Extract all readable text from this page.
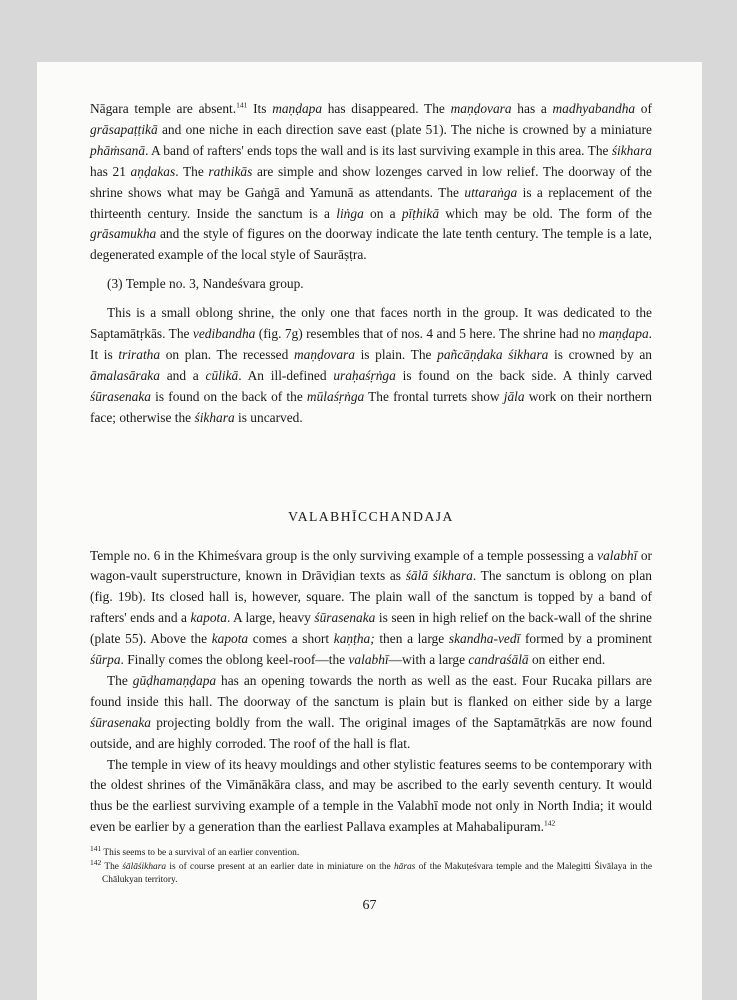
Nāgara temple are absent.$^{141}$ Its maṇḍapa has disappeared. The maṇḍovara has a madhyabandha of grāsapaṭṭikā and one niche in each direction save east (plate 51). The niche is crowned by a miniature phāṁsanā. A band of rafters' ends tops the wall and is its last surviving example in this area. The śikhara has 21 aṇḍakas. The rathikās are simple and show lozenges carved in low relief. The doorway of the shrine shows what may be Gaṅgā and Yamunā as attendants. The uttaraṅga is a replacement of the thirteenth century. Inside the sanctum is a liṅga on a pīṭhikā which may be old. The form of the grāsamukha and the style of figures on the doorway indicate the late tenth century. The temple is a late, degenerated example of the local style of Saurāṣṭra.

(3) Temple no. 3, Nandeśvara group.

This is a small oblong shrine, the only one that faces north in the group. It was dedicated to the Saptamātṛkās. The vedibandha (fig. 7g) resembles that of nos. 4 and 5 here. The shrine had no maṇḍapa. It is triratha on plan. The recessed maṇḍovara is plain. The pañcāṇḍaka śikhara is crowned by an āmalasāraka and a cūlikā. An ill-defined uraḥaśṛṅga is found on the back side. A thinly carved śūrasenaka is found on the back of the mūlaśṛṅga The frontal turrets show jāla work on their northern face; otherwise the śikhara is uncarved.

VALABHĪCCHANDAJA

Temple no. 6 in the Khimeśvara group is the only surviving example of a temple possessing a valabhī or wagon-vault superstructure, known in Drāviḍian texts as śālā śikhara. The sanctum is oblong on plan (fig. 19b). Its closed hall is, however, square. The plain wall of the sanctum is topped by a band of rafters' ends and a kapota. A large, heavy śūrasenaka is seen in high relief on the back-wall of the shrine (plate 55). Above the kapota comes a short kaṇṭha; then a large skandha-vedī formed by a prominent śūrpa. Finally comes the oblong keel-roof—the valabhī—with a large candraśālā on either end.

The gūḍhamaṇḍapa has an opening towards the north as well as the east. Four Rucaka pillars are found inside this hall. The doorway of the sanctum is plain but is flanked on either side by a large śūrasenaka projecting boldly from the wall. The original images of the Saptamātṛkās are now found outside, and are highly corroded. The roof of the hall is flat.

The temple in view of its heavy mouldings and other stylistic features seems to be contemporary with the oldest shrines of the Vimānākāra class, and may be ascribed to the early seventh century. It would thus be the earliest surviving example of a temple in the Valabhī mode not only in North India; it would even be earlier by a generation than the earliest Pallava examples at Mahabalipuram.$^{142}$

$^{141}$ This seems to be a survival of an earlier convention.

$^{142}$ The śālāśikhara is of course present at an earlier date in miniature on the hāras of the Makuṭeśvara temple and the Malegitti Śivālaya in the Chālukyan territory.

67
